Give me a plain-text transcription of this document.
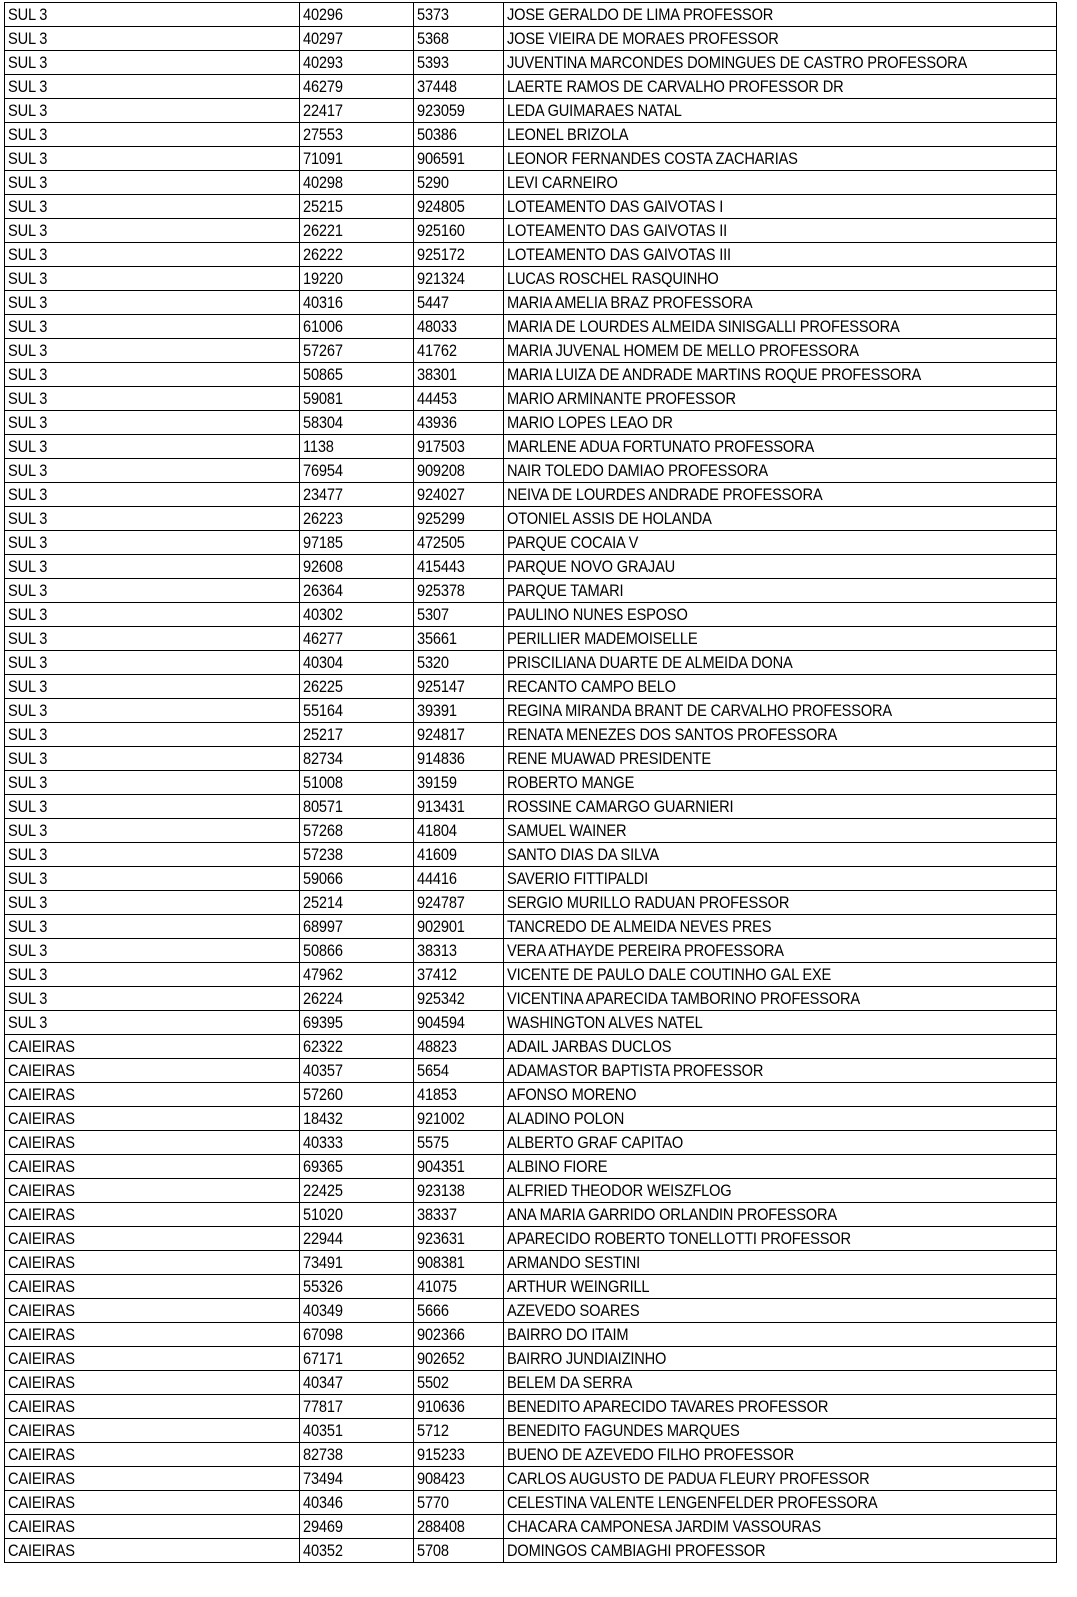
SUL 3	40296	5373	JOSE GERALDO DE LIMA PROFESSOR
SUL 3	40297	5368	JOSE VIEIRA DE MORAES PROFESSOR
SUL 3	40293	5393	JUVENTINA MARCONDES DOMINGUES DE CASTRO PROFESSORA
SUL 3	46279	37448	LAERTE RAMOS DE CARVALHO PROFESSOR DR
SUL 3	22417	923059	LEDA GUIMARAES NATAL
SUL 3	27553	50386	LEONEL BRIZOLA
SUL 3	71091	906591	LEONOR FERNANDES COSTA ZACHARIAS
SUL 3	40298	5290	LEVI CARNEIRO
SUL 3	25215	924805	LOTEAMENTO DAS GAIVOTAS I
SUL 3	26221	925160	LOTEAMENTO DAS GAIVOTAS II
SUL 3	26222	925172	LOTEAMENTO DAS GAIVOTAS III
SUL 3	19220	921324	LUCAS ROSCHEL RASQUINHO
SUL 3	40316	5447	MARIA AMELIA BRAZ PROFESSORA
SUL 3	61006	48033	MARIA DE LOURDES ALMEIDA SINISGALLI PROFESSORA
SUL 3	57267	41762	MARIA JUVENAL HOMEM DE MELLO PROFESSORA
SUL 3	50865	38301	MARIA LUIZA DE ANDRADE MARTINS ROQUE PROFESSORA
SUL 3	59081	44453	MARIO ARMINANTE PROFESSOR
SUL 3	58304	43936	MARIO LOPES LEAO DR
SUL 3	1138	917503	MARLENE ADUA FORTUNATO PROFESSORA
SUL 3	76954	909208	NAIR TOLEDO DAMIAO PROFESSORA
SUL 3	23477	924027	NEIVA DE LOURDES ANDRADE PROFESSORA
SUL 3	26223	925299	OTONIEL ASSIS DE HOLANDA
SUL 3	97185	472505	PARQUE COCAIA V
SUL 3	92608	415443	PARQUE NOVO GRAJAU
SUL 3	26364	925378	PARQUE TAMARI
SUL 3	40302	5307	PAULINO NUNES ESPOSO
SUL 3	46277	35661	PERILLIER MADEMOISELLE
SUL 3	40304	5320	PRISCILIANA DUARTE DE ALMEIDA DONA
SUL 3	26225	925147	RECANTO CAMPO BELO
SUL 3	55164	39391	REGINA MIRANDA BRANT DE CARVALHO PROFESSORA
SUL 3	25217	924817	RENATA MENEZES DOS SANTOS PROFESSORA
SUL 3	82734	914836	RENE MUAWAD PRESIDENTE
SUL 3	51008	39159	ROBERTO MANGE
SUL 3	80571	913431	ROSSINE CAMARGO GUARNIERI
SUL 3	57268	41804	SAMUEL WAINER
SUL 3	57238	41609	SANTO DIAS DA SILVA
SUL 3	59066	44416	SAVERIO FITTIPALDI
SUL 3	25214	924787	SERGIO MURILLO RADUAN PROFESSOR
SUL 3	68997	902901	TANCREDO DE ALMEIDA NEVES PRES
SUL 3	50866	38313	VERA ATHAYDE PEREIRA PROFESSORA
SUL 3	47962	37412	VICENTE DE PAULO DALE COUTINHO GAL EXE
SUL 3	26224	925342	VICENTINA APARECIDA TAMBORINO PROFESSORA
SUL 3	69395	904594	WASHINGTON ALVES NATEL
CAIEIRAS	62322	48823	ADAIL JARBAS DUCLOS
CAIEIRAS	40357	5654	ADAMASTOR BAPTISTA PROFESSOR
CAIEIRAS	57260	41853	AFONSO MORENO
CAIEIRAS	18432	921002	ALADINO POLON
CAIEIRAS	40333	5575	ALBERTO GRAF CAPITAO
CAIEIRAS	69365	904351	ALBINO FIORE
CAIEIRAS	22425	923138	ALFRIED THEODOR WEISZFLOG
CAIEIRAS	51020	38337	ANA MARIA GARRIDO ORLANDIN PROFESSORA
CAIEIRAS	22944	923631	APARECIDO ROBERTO TONELLOTTI PROFESSOR
CAIEIRAS	73491	908381	ARMANDO SESTINI
CAIEIRAS	55326	41075	ARTHUR WEINGRILL
CAIEIRAS	40349	5666	AZEVEDO SOARES
CAIEIRAS	67098	902366	BAIRRO DO ITAIM
CAIEIRAS	67171	902652	BAIRRO JUNDIAIZINHO
CAIEIRAS	40347	5502	BELEM DA SERRA
CAIEIRAS	77817	910636	BENEDITO APARECIDO TAVARES PROFESSOR
CAIEIRAS	40351	5712	BENEDITO FAGUNDES MARQUES
CAIEIRAS	82738	915233	BUENO DE AZEVEDO FILHO PROFESSOR
CAIEIRAS	73494	908423	CARLOS AUGUSTO DE PADUA FLEURY PROFESSOR
CAIEIRAS	40346	5770	CELESTINA VALENTE LENGENFELDER PROFESSORA
CAIEIRAS	29469	288408	CHACARA CAMPONESA JARDIM VASSOURAS
CAIEIRAS	40352	5708	DOMINGOS CAMBIAGHI PROFESSOR
